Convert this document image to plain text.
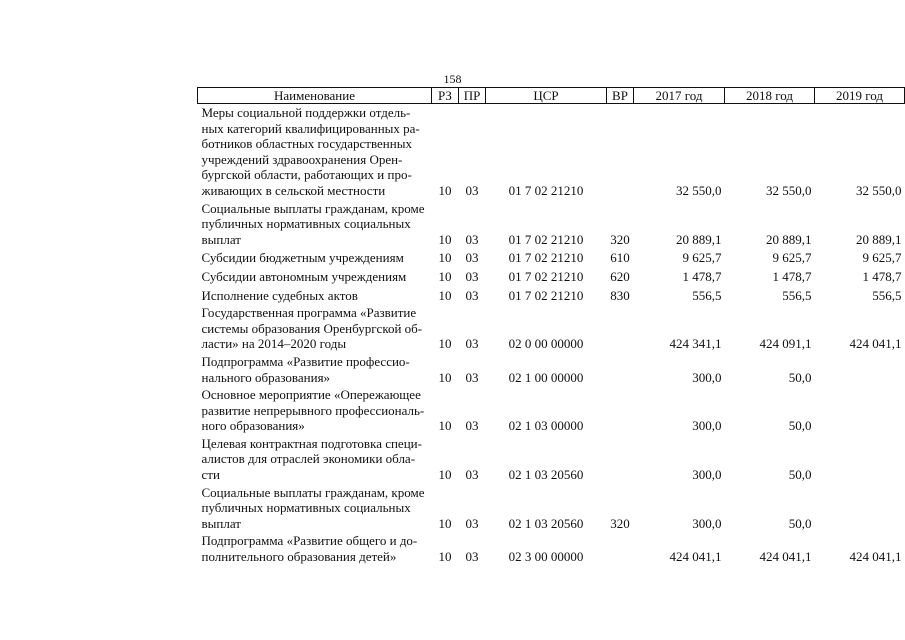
158
Наименование	РЗ	ПР	ЦСР	ВР	2017 год	2018 год	2019 год
Меры социальной поддержки отдель-ных категорий квалифицированных ра-ботников областных государственных учреждений здравоохранения Орен-бургской области, работающих и про-живающих в сельской местности	10	03	01 7 02 21210		32 550,0	32 550,0	32 550,0
Социальные выплаты гражданам, кроме публичных нормативных социальных выплат	10	03	01 7 02 21210	320	20 889,1	20 889,1	20 889,1
Субсидии бюджетным учреждениям	10	03	01 7 02 21210	610	9 625,7	9 625,7	9 625,7
Субсидии автономным учреждениям	10	03	01 7 02 21210	620	1 478,7	1 478,7	1 478,7
Исполнение судебных актов	10	03	01 7 02 21210	830	556,5	556,5	556,5
Государственная программа «Развитие системы образования Оренбургской об-ласти» на 2014–2020 годы	10	03	02 0 00 00000		424 341,1	424 091,1	424 041,1
Подпрограмма «Развитие профессио-нального образования»	10	03	02 1 00 00000		300,0	50,0	
Основное мероприятие «Опережающее развитие непрерывного профессиональ-ного образования»	10	03	02 1 03 00000		300,0	50,0	
Целевая контрактная подготовка специ-алистов для отраслей экономики обла-сти	10	03	02 1 03 20560		300,0	50,0	
Социальные выплаты гражданам, кроме публичных нормативных социальных выплат	10	03	02 1 03 20560	320	300,0	50,0	
Подпрограмма «Развитие общего и до-полнительного образования детей»	10	03	02 3 00 00000		424 041,1	424 041,1	424 041,1
